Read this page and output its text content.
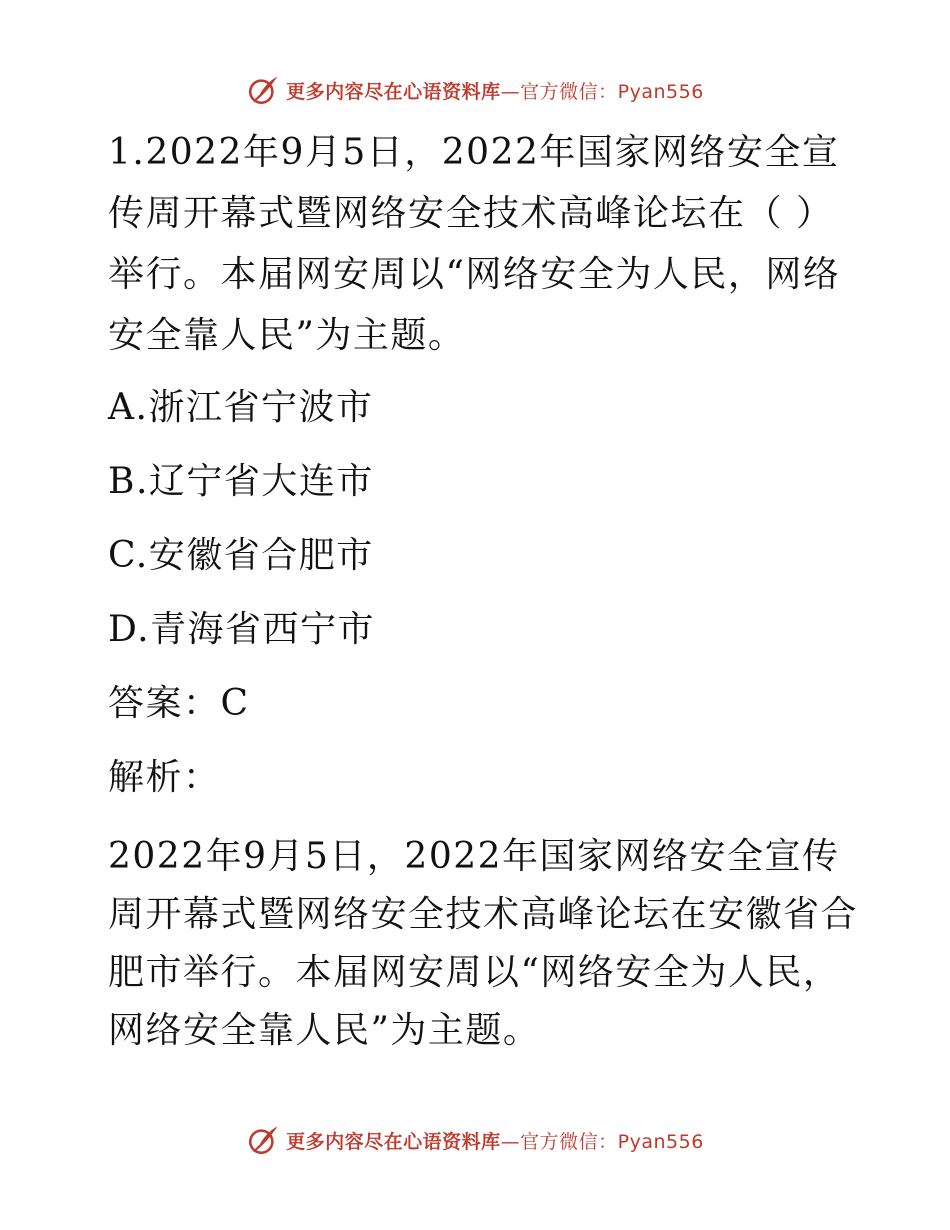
更多内容尽在心语资料库—官方微信：Pyan556

1.2022年9月5日，2022年国家网络安全宣传周开幕式暨网络安全技术高峰论坛在（ ）举行。本届网安周以“网络安全为人民，网络安全靠人民”为主题。

A.浙江省宁波市

B.辽宁省大连市

C.安徽省合肥市

D.青海省西宁市

答案：C

解析：

2022年9月5日，2022年国家网络安全宣传周开幕式暨网络安全技术高峰论坛在安徽省合肥市举行。本届网安周以“网络安全为人民，网络安全靠人民”为主题。

更多内容尽在心语资料库—官方微信：Pyan556
